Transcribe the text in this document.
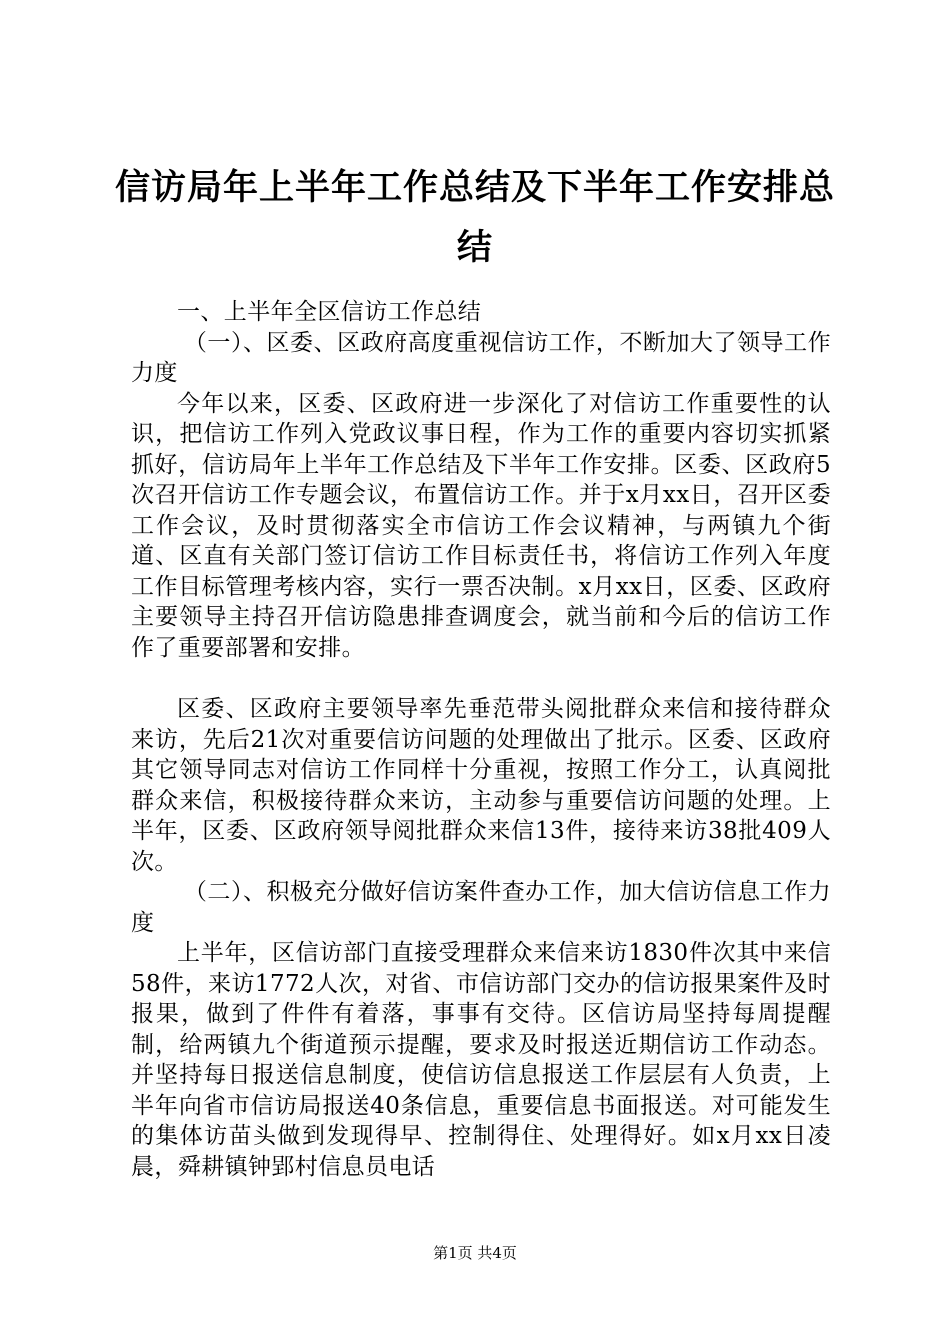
信访局年上半年工作总结及下半年工作安排总结

一、上半年全区信访工作总结

（一）、区委、区政府高度重视信访工作，不断加大了领导工作力度

今年以来，区委、区政府进一步深化了对信访工作重要性的认识，把信访工作列入党政议事日程，作为工作的重要内容切实抓紧抓好，信访局年上半年工作总结及下半年工作安排。区委、区政府5次召开信访工作专题会议，布置信访工作。并于x月xx日，召开区委工作会议，及时贯彻落实全市信访工作会议精神，与两镇九个街道、区直有关部门签订信访工作目标责任书，将信访工作列入年度工作目标管理考核内容，实行一票否决制。x月xx日，区委、区政府主要领导主持召开信访隐患排查调度会，就当前和今后的信访工作作了重要部署和安排。

区委、区政府主要领导率先垂范带头阅批群众来信和接待群众来访，先后21次对重要信访问题的处理做出了批示。区委、区政府其它领导同志对信访工作同样十分重视，按照工作分工，认真阅批群众来信，积极接待群众来访，主动参与重要信访问题的处理。上半年，区委、区政府领导阅批群众来信13件，接待来访38批409人次。

（二）、积极充分做好信访案件查办工作，加大信访信息工作力度

上半年，区信访部门直接受理群众来信来访1830件次其中来信58件，来访1772人次，对省、市信访部门交办的信访报果案件及时报果，做到了件件有着落，事事有交待。区信访局坚持每周提醒制，给两镇九个街道预示提醒，要求及时报送近期信访工作动态。并坚持每日报送信息制度，使信访信息报送工作层层有人负责，上半年向省市信访局报送40条信息，重要信息书面报送。对可能发生的集体访苗头做到发现得早、控制得住、处理得好。如x月xx日凌晨，舜耕镇钟郢村信息员电话

第1页 共4页
